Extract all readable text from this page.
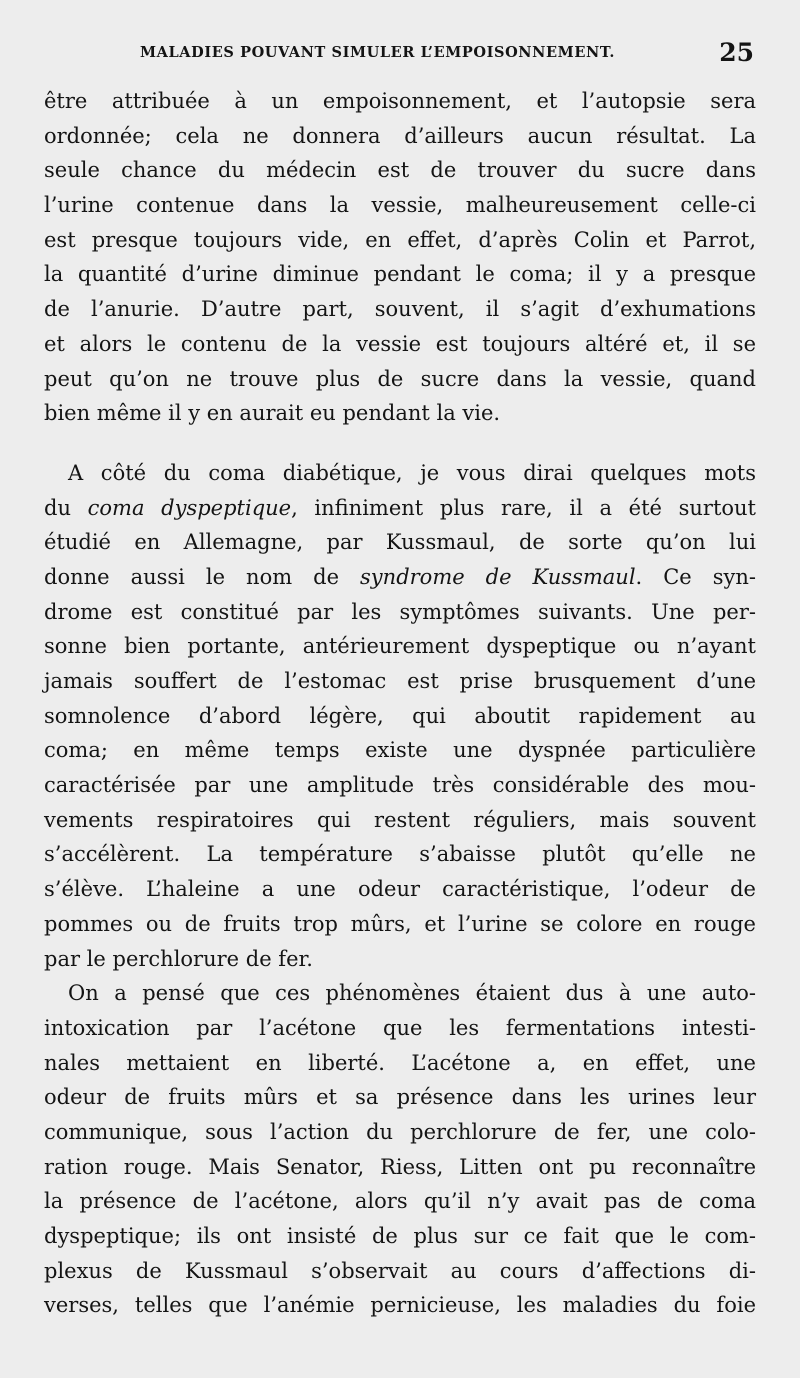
MALADIES POUVANT SIMULER L’EMPOISONNEMENT.	25
être attribuée à un empoisonnement, et l’autopsie sera
ordonnée; cela ne donnera d’ailleurs aucun résultat. La
seule chance du médecin est de trouver du sucre dans
l’urine contenue dans la vessie, malheureusement celle-ci
est presque toujours vide, en effet, d’après Colin et Parrot,
la quantité d’urine diminue pendant le coma; il y a presque
de l’anurie. D’autre part, souvent, il s’agit d’exhumations
et alors le contenu de la vessie est toujours altéré et, il se
peut qu’on ne trouve plus de sucre dans la vessie, quand
bien même il y en aurait eu pendant la vie.
A côté du coma diabétique, je vous dirai quelques mots
du coma dyspeptique, infiniment plus rare, il a été surtout
étudié en Allemagne, par Kussmaul, de sorte qu’on lui
donne aussi le nom de syndrome de Kussmaul. Ce syn-
drome est constitué par les symptômes suivants. Une per-
sonne bien portante, antérieurement dyspeptique ou n’ayant
jamais souffert de l’estomac est prise brusquement d’une
somnolence d’abord légère, qui aboutit rapidement au
coma; en même temps existe une dyspnée particulière
caractérisée par une amplitude très considérable des mou-
vements respiratoires qui restent réguliers, mais souvent
s’accélèrent. La température s’abaisse plutôt qu’elle ne
s’élève. L’haleine a une odeur caractéristique, l’odeur de
pommes ou de fruits trop mûrs, et l’urine se colore en rouge
par le perchlorure de fer.
On a pensé que ces phénomènes étaient dus à une auto-
intoxication par l’acétone que les fermentations intesti-
nales mettaient en liberté. L’acétone a, en effet, une
odeur de fruits mûrs et sa présence dans les urines leur
communique, sous l’action du perchlorure de fer, une colo-
ration rouge. Mais Senator, Riess, Litten ont pu reconnaître
la présence de l’acétone, alors qu’il n’y avait pas de coma
dyspeptique; ils ont insisté de plus sur ce fait que le com-
plexus de Kussmaul s’observait au cours d’affections di-
verses, telles que l’anémie pernicieuse, les maladies du foie
